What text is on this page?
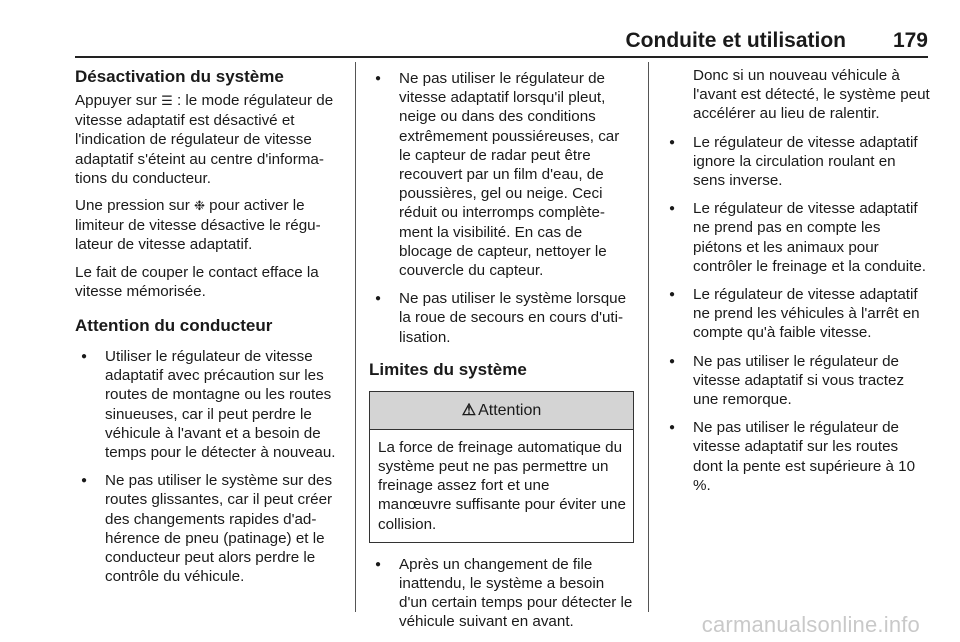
Conduite et utilisation 179
Désactivation du système

Appuyer sur ☰ : le mode régulateur de vitesse adaptatif est désactivé et l'indication de régulateur de vitesse adaptatif s'éteint au centre d'informa-tions du conducteur.

Une pression sur ❉ pour activer le limiteur de vitesse désactive le régu-lateur de vitesse adaptatif.

Le fait de couper le contact efface la vitesse mémorisée.

Attention du conducteur
● Utiliser le régulateur de vitesse adaptatif avec précaution sur les routes de montagne ou les routes sinueuses, car il peut perdre le véhicule à l'avant et a besoin de temps pour le détecter à nouveau.
● Ne pas utiliser le système sur des routes glissantes, car il peut créer des changements rapides d'ad-hérence de pneu (patinage) et le conducteur peut alors perdre le contrôle du véhicule.
● Ne pas utiliser le régulateur de vitesse adaptatif lorsqu'il pleut, neige ou dans des conditions extrêmement poussiéreuses, car le capteur de radar peut être recouvert par un film d'eau, de poussières, gel ou neige. Ceci réduit ou interromps complète-ment la visibilité. En cas de blocage de capteur, nettoyer le couvercle du capteur.
● Ne pas utiliser le système lorsque la roue de secours en cours d'uti-lisation.
Limites du système
⚠ Attention
La force de freinage automatique du système peut ne pas permettre un freinage assez fort et une manœuvre suffisante pour éviter une collision.
● Après un changement de file inattendu, le système a besoin d'un certain temps pour détecter le véhicule suivant en avant.

Donc si un nouveau véhicule à l'avant est détecté, le système peut accélérer au lieu de ralentir.

● Le régulateur de vitesse adaptatif ignore la circulation roulant en sens inverse.
● Le régulateur de vitesse adaptatif ne prend pas en compte les piétons et les animaux pour contrôler le freinage et la conduite.
● Le régulateur de vitesse adaptatif ne prend les véhicules à l'arrêt en compte qu'à faible vitesse.
● Ne pas utiliser le régulateur de vitesse adaptatif si vous tractez une remorque.
● Ne pas utiliser le régulateur de vitesse adaptatif sur les routes dont la pente est supérieure à 10 %.
carmanualsonline.info
